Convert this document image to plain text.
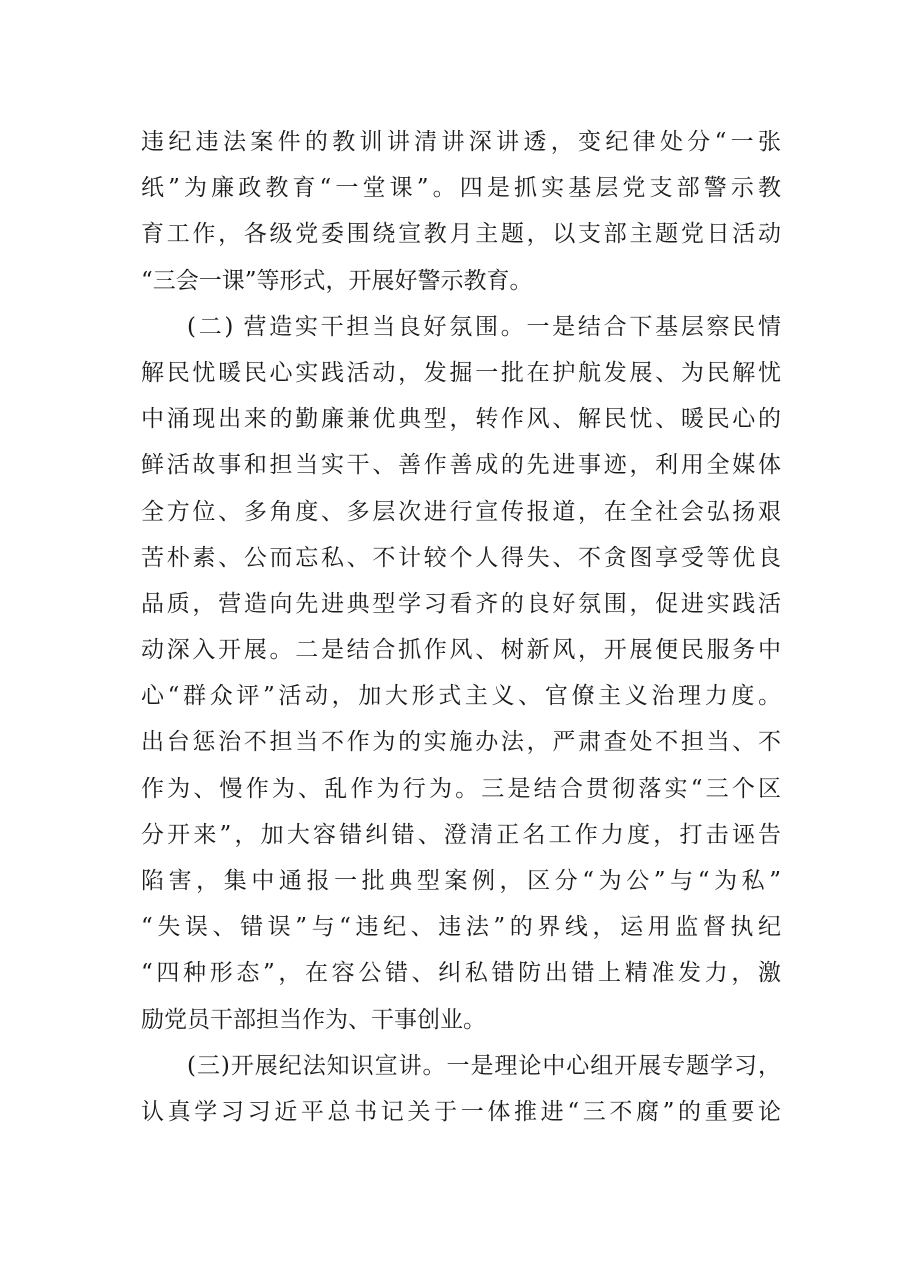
违纪违法案件的教训讲清讲深讲透，变纪律处分“一张
纸”为廉政教育“一堂课”。四是抓实基层党支部警示教
育工作，各级党委围绕宣教月主题，以支部主题党日活动
“三会一课”等形式，开展好警示教育。
(二) 营造实干担当良好氛围。一是结合下基层察民情
解民忧暖民心实践活动，发掘一批在护航发展、为民解忧
中涌现出来的勤廉兼优典型，转作风、解民忧、暖民心的
鲜活故事和担当实干、善作善成的先进事迹，利用全媒体
全方位、多角度、多层次进行宣传报道，在全社会弘扬艰
苦朴素、公而忘私、不计较个人得失、不贪图享受等优良
品质，营造向先进典型学习看齐的良好氛围，促进实践活
动深入开展。二是结合抓作风、树新风，开展便民服务中
心“群众评”活动，加大形式主义、官僚主义治理力度。
出台惩治不担当不作为的实施办法，严肃查处不担当、不
作为、慢作为、乱作为行为。三是结合贯彻落实“三个区
分开来”，加大容错纠错、澄清正名工作力度，打击诬告
陷害，集中通报一批典型案例，区分“为公”与“为私”
“失误、错误”与“违纪、违法”的界线，运用监督执纪
“四种形态”，在容公错、纠私错防出错上精准发力，激
励党员干部担当作为、干事创业。
(三)开展纪法知识宣讲。一是理论中心组开展专题学习，
认真学习习近平总书记关于一体推进“三不腐”的重要论
